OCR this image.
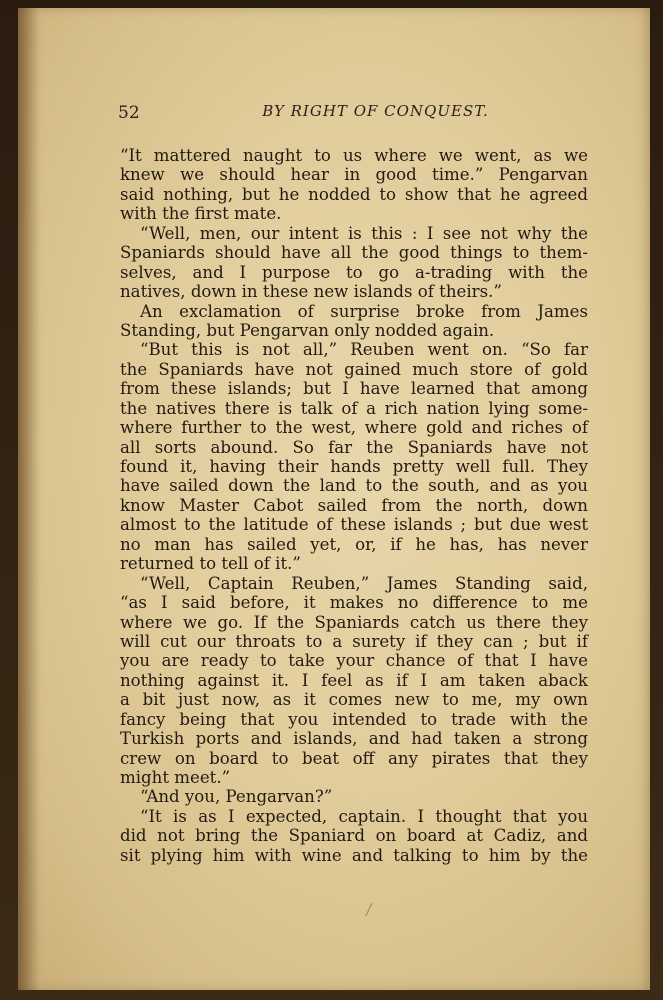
52	BY RIGHT OF CONQUEST.
“It mattered naught to us where we went, as we
knew we should hear in good time.” Pengarvan
said nothing, but he nodded to show that he agreed
with the first mate.
“Well, men, our intent is this : I see not why the
Spaniards should have all the good things to them-
selves, and I purpose to go a-trading with the
natives, down in these new islands of theirs.”
An exclamation of surprise broke from James
Standing, but Pengarvan only nodded again.
“But this is not all,” Reuben went on. “So far
the Spaniards have not gained much store of gold
from these islands; but I have learned that among
the natives there is talk of a rich nation lying some-
where further to the west, where gold and riches of
all sorts abound. So far the Spaniards have not
found it, having their hands pretty well full. They
have sailed down the land to the south, and as you
know Master Cabot sailed from the north, down
almost to the latitude of these islands ; but due west
no man has sailed yet, or, if he has, has never
returned to tell of it.”
“Well, Captain Reuben,” James Standing said,
“as I said before, it makes no difference to me
where we go. If the Spaniards catch us there they
will cut our throats to a surety if they can ; but if
you are ready to take your chance of that I have
nothing against it. I feel as if I am taken aback
a bit just now, as it comes new to me, my own
fancy being that you intended to trade with the
Turkish ports and islands, and had taken a strong
crew on board to beat off any pirates that they
might meet.”
“And you, Pengarvan?”
“It is as I expected, captain. I thought that you
did not bring the Spaniard on board at Cadiz, and
sit plying him with wine and talking to him by the
